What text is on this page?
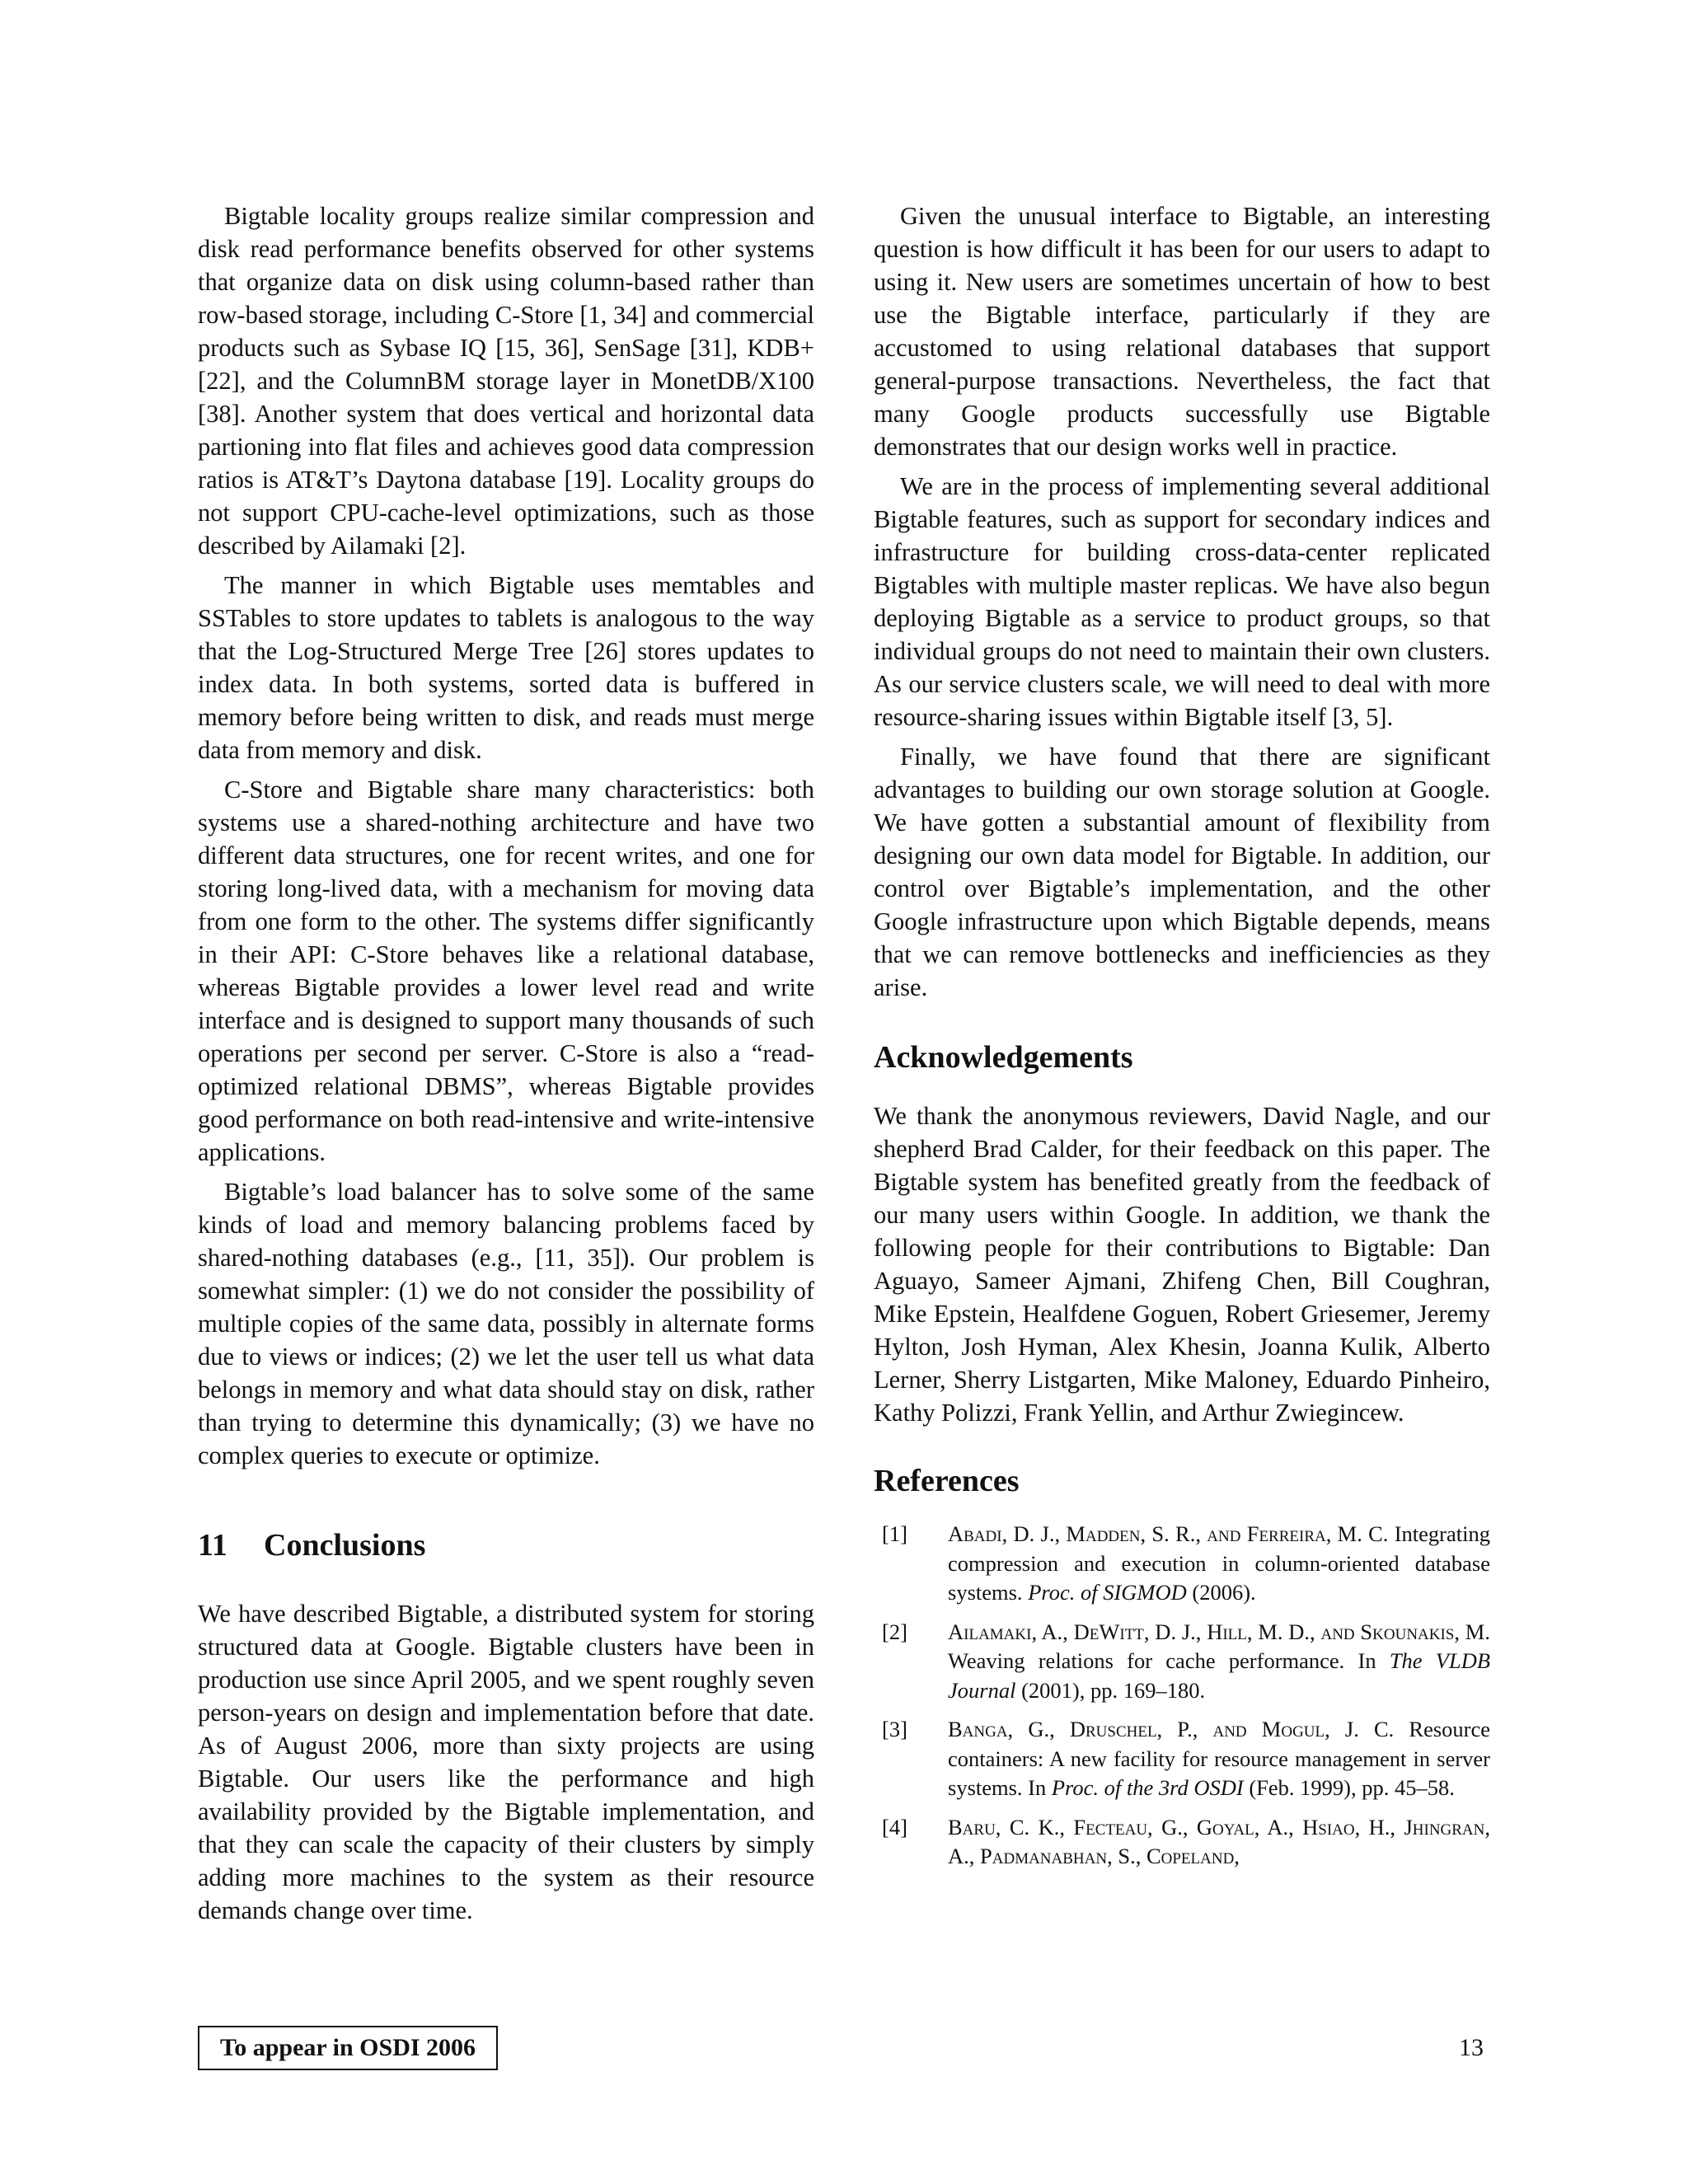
Bigtable locality groups realize similar compression and disk read performance benefits observed for other systems that organize data on disk using column-based rather than row-based storage, including C-Store [1, 34] and commercial products such as Sybase IQ [15, 36], SenSage [31], KDB+ [22], and the ColumnBM storage layer in MonetDB/X100 [38]. Another system that does vertical and horizontal data partioning into flat files and achieves good data compression ratios is AT&T’s Daytona database [19]. Locality groups do not support CPU-cache-level optimizations, such as those described by Ailamaki [2].

The manner in which Bigtable uses memtables and SSTables to store updates to tablets is analogous to the way that the Log-Structured Merge Tree [26] stores updates to index data. In both systems, sorted data is buffered in memory before being written to disk, and reads must merge data from memory and disk.

C-Store and Bigtable share many characteristics: both systems use a shared-nothing architecture and have two different data structures, one for recent writes, and one for storing long-lived data, with a mechanism for moving data from one form to the other. The systems differ significantly in their API: C-Store behaves like a relational database, whereas Bigtable provides a lower level read and write interface and is designed to support many thousands of such operations per second per server. C-Store is also a “read-optimized relational DBMS”, whereas Bigtable provides good performance on both read-intensive and write-intensive applications.

Bigtable’s load balancer has to solve some of the same kinds of load and memory balancing problems faced by shared-nothing databases (e.g., [11, 35]). Our problem is somewhat simpler: (1) we do not consider the possibility of multiple copies of the same data, possibly in alternate forms due to views or indices; (2) we let the user tell us what data belongs in memory and what data should stay on disk, rather than trying to determine this dynamically; (3) we have no complex queries to execute or optimize.

11 Conclusions

We have described Bigtable, a distributed system for storing structured data at Google. Bigtable clusters have been in production use since April 2005, and we spent roughly seven person-years on design and implementation before that date. As of August 2006, more than sixty projects are using Bigtable. Our users like the performance and high availability provided by the Bigtable implementation, and that they can scale the capacity of their clusters by simply adding more machines to the system as their resource demands change over time.

Given the unusual interface to Bigtable, an interesting question is how difficult it has been for our users to adapt to using it. New users are sometimes uncertain of how to best use the Bigtable interface, particularly if they are accustomed to using relational databases that support general-purpose transactions. Nevertheless, the fact that many Google products successfully use Bigtable demonstrates that our design works well in practice.

We are in the process of implementing several additional Bigtable features, such as support for secondary indices and infrastructure for building cross-data-center replicated Bigtables with multiple master replicas. We have also begun deploying Bigtable as a service to product groups, so that individual groups do not need to maintain their own clusters. As our service clusters scale, we will need to deal with more resource-sharing issues within Bigtable itself [3, 5].

Finally, we have found that there are significant advantages to building our own storage solution at Google. We have gotten a substantial amount of flexibility from designing our own data model for Bigtable. In addition, our control over Bigtable’s implementation, and the other Google infrastructure upon which Bigtable depends, means that we can remove bottlenecks and inefficiencies as they arise.

Acknowledgements

We thank the anonymous reviewers, David Nagle, and our shepherd Brad Calder, for their feedback on this paper. The Bigtable system has benefited greatly from the feedback of our many users within Google. In addition, we thank the following people for their contributions to Bigtable: Dan Aguayo, Sameer Ajmani, Zhifeng Chen, Bill Coughran, Mike Epstein, Healfdene Goguen, Robert Griesemer, Jeremy Hylton, Josh Hyman, Alex Khesin, Joanna Kulik, Alberto Lerner, Sherry Listgarten, Mike Maloney, Eduardo Pinheiro, Kathy Polizzi, Frank Yellin, and Arthur Zwiegincew.

References
[1] Abadi, D. J., Madden, S. R., and Ferreira, M. C. Integrating compression and execution in column-oriented database systems. Proc. of SIGMOD (2006).
[2] Ailamaki, A., DeWitt, D. J., Hill, M. D., and Skounakis, M. Weaving relations for cache performance. In The VLDB Journal (2001), pp. 169–180.
[3] Banga, G., Druschel, P., and Mogul, J. C. Resource containers: A new facility for resource management in server systems. In Proc. of the 3rd OSDI (Feb. 1999), pp. 45–58.
[4] Baru, C. K., Fecteau, G., Goyal, A., Hsiao, H., Jhingran, A., Padmanabhan, S., Copeland,
To appear in OSDI 2006	13
